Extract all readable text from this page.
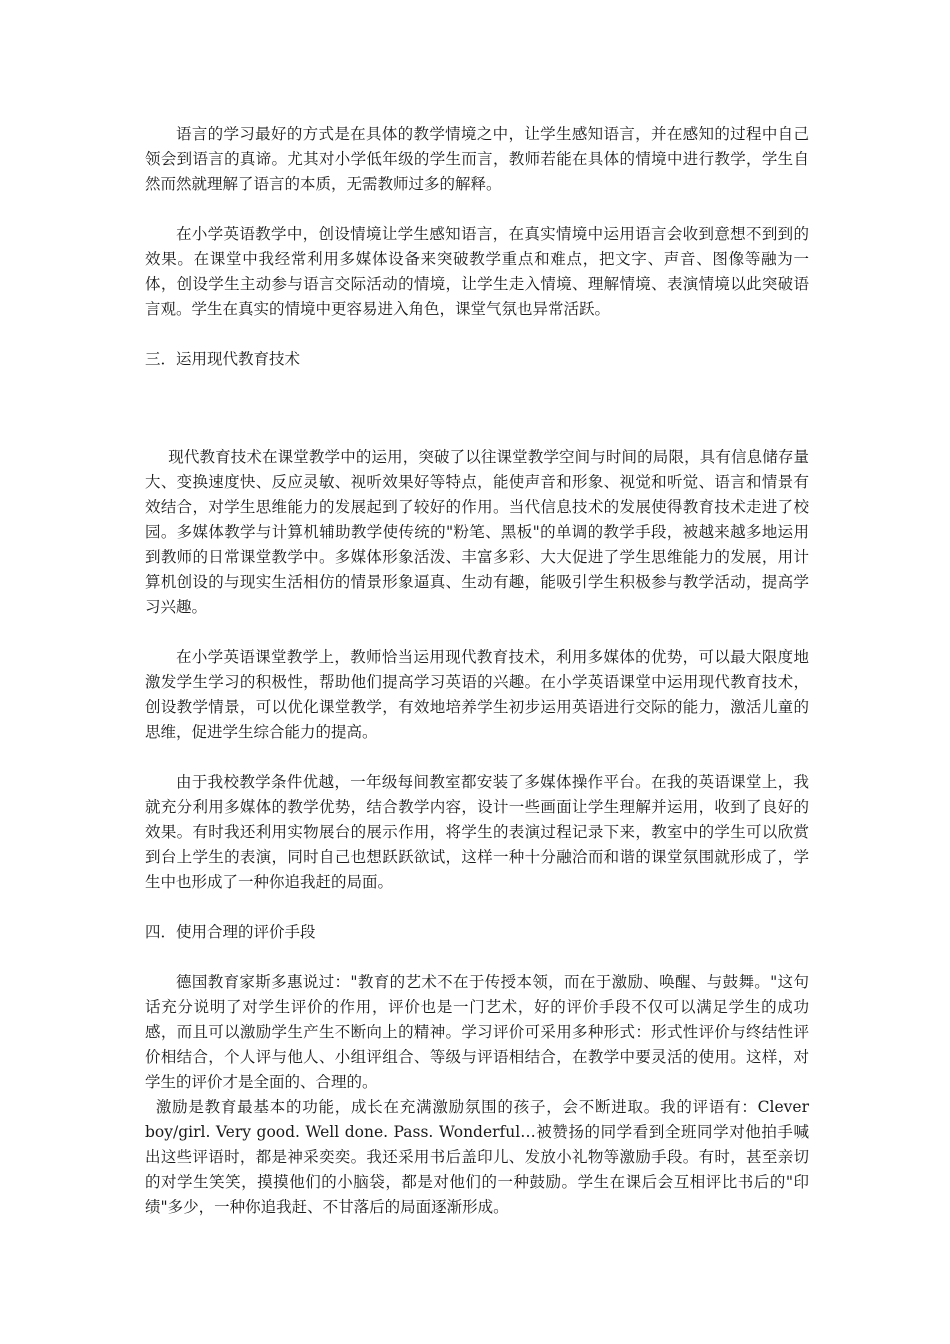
语言的学习最好的方式是在具体的教学情境之中，让学生感知语言，并在感知的过程中自己领会到语言的真谛。尤其对小学低年级的学生而言，教师若能在具体的情境中进行教学，学生自然而然就理解了语言的本质，无需教师过多的解释。

在小学英语教学中，创设情境让学生感知语言，在真实情境中运用语言会收到意想不到到的效果。在课堂中我经常利用多媒体设备来突破教学重点和难点，把文字、声音、图像等融为一体，创设学生主动参与语言交际活动的情境，让学生走入情境、理解情境、表演情境以此突破语言观。学生在真实的情境中更容易进入角色，课堂气氛也异常活跃。

三．运用现代教育技术

现代教育技术在课堂教学中的运用，突破了以往课堂教学空间与时间的局限，具有信息储存量大、变换速度快、反应灵敏、视听效果好等特点，能使声音和形象、视觉和听觉、语言和情景有效结合，对学生思维能力的发展起到了较好的作用。当代信息技术的发展使得教育技术走进了校园。多媒体教学与计算机辅助教学使传统的"粉笔、黑板"的单调的教学手段，被越来越多地运用到教师的日常课堂教学中。多媒体形象活泼、丰富多彩、大大促进了学生思维能力的发展，用计算机创设的与现实生活相仿的情景形象逼真、生动有趣，能吸引学生积极参与教学活动，提高学习兴趣。

在小学英语课堂教学上，教师恰当运用现代教育技术，利用多媒体的优势，可以最大限度地激发学生学习的积极性，帮助他们提高学习英语的兴趣。在小学英语课堂中运用现代教育技术，创设教学情景，可以优化课堂教学，有效地培养学生初步运用英语进行交际的能力，激活儿童的思维，促进学生综合能力的提高。

由于我校教学条件优越，一年级每间教室都安装了多媒体操作平台。在我的英语课堂上，我就充分利用多媒体的教学优势，结合教学内容，设计一些画面让学生理解并运用，收到了良好的效果。有时我还利用实物展台的展示作用，将学生的表演过程记录下来，教室中的学生可以欣赏到台上学生的表演，同时自己也想跃跃欲试，这样一种十分融洽而和谐的课堂氛围就形成了，学生中也形成了一种你追我赶的局面。

四．使用合理的评价手段

德国教育家斯多惠说过："教育的艺术不在于传授本领，而在于激励、唤醒、与鼓舞。"这句话充分说明了对学生评价的作用，评价也是一门艺术，好的评价手段不仅可以满足学生的成功感，而且可以激励学生产生不断向上的精神。学习评价可采用多种形式：形式性评价与终结性评价相结合，个人评与他人、小组评组合、等级与评语相结合，在教学中要灵活的使用。这样，对学生的评价才是全面的、合理的。

激励是教育最基本的功能，成长在充满激励氛围的孩子，会不断进取。我的评语有：Clever boy/girl. Very good. Well done. Pass. Wonderful…被赞扬的同学看到全班同学对他拍手喊出这些评语时，都是神采奕奕。我还采用书后盖印儿、发放小礼物等激励手段。有时，甚至亲切的对学生笑笑，摸摸他们的小脑袋，都是对他们的一种鼓励。学生在课后会互相评比书后的"印绩"多少，一种你追我赶、不甘落后的局面逐渐形成。
